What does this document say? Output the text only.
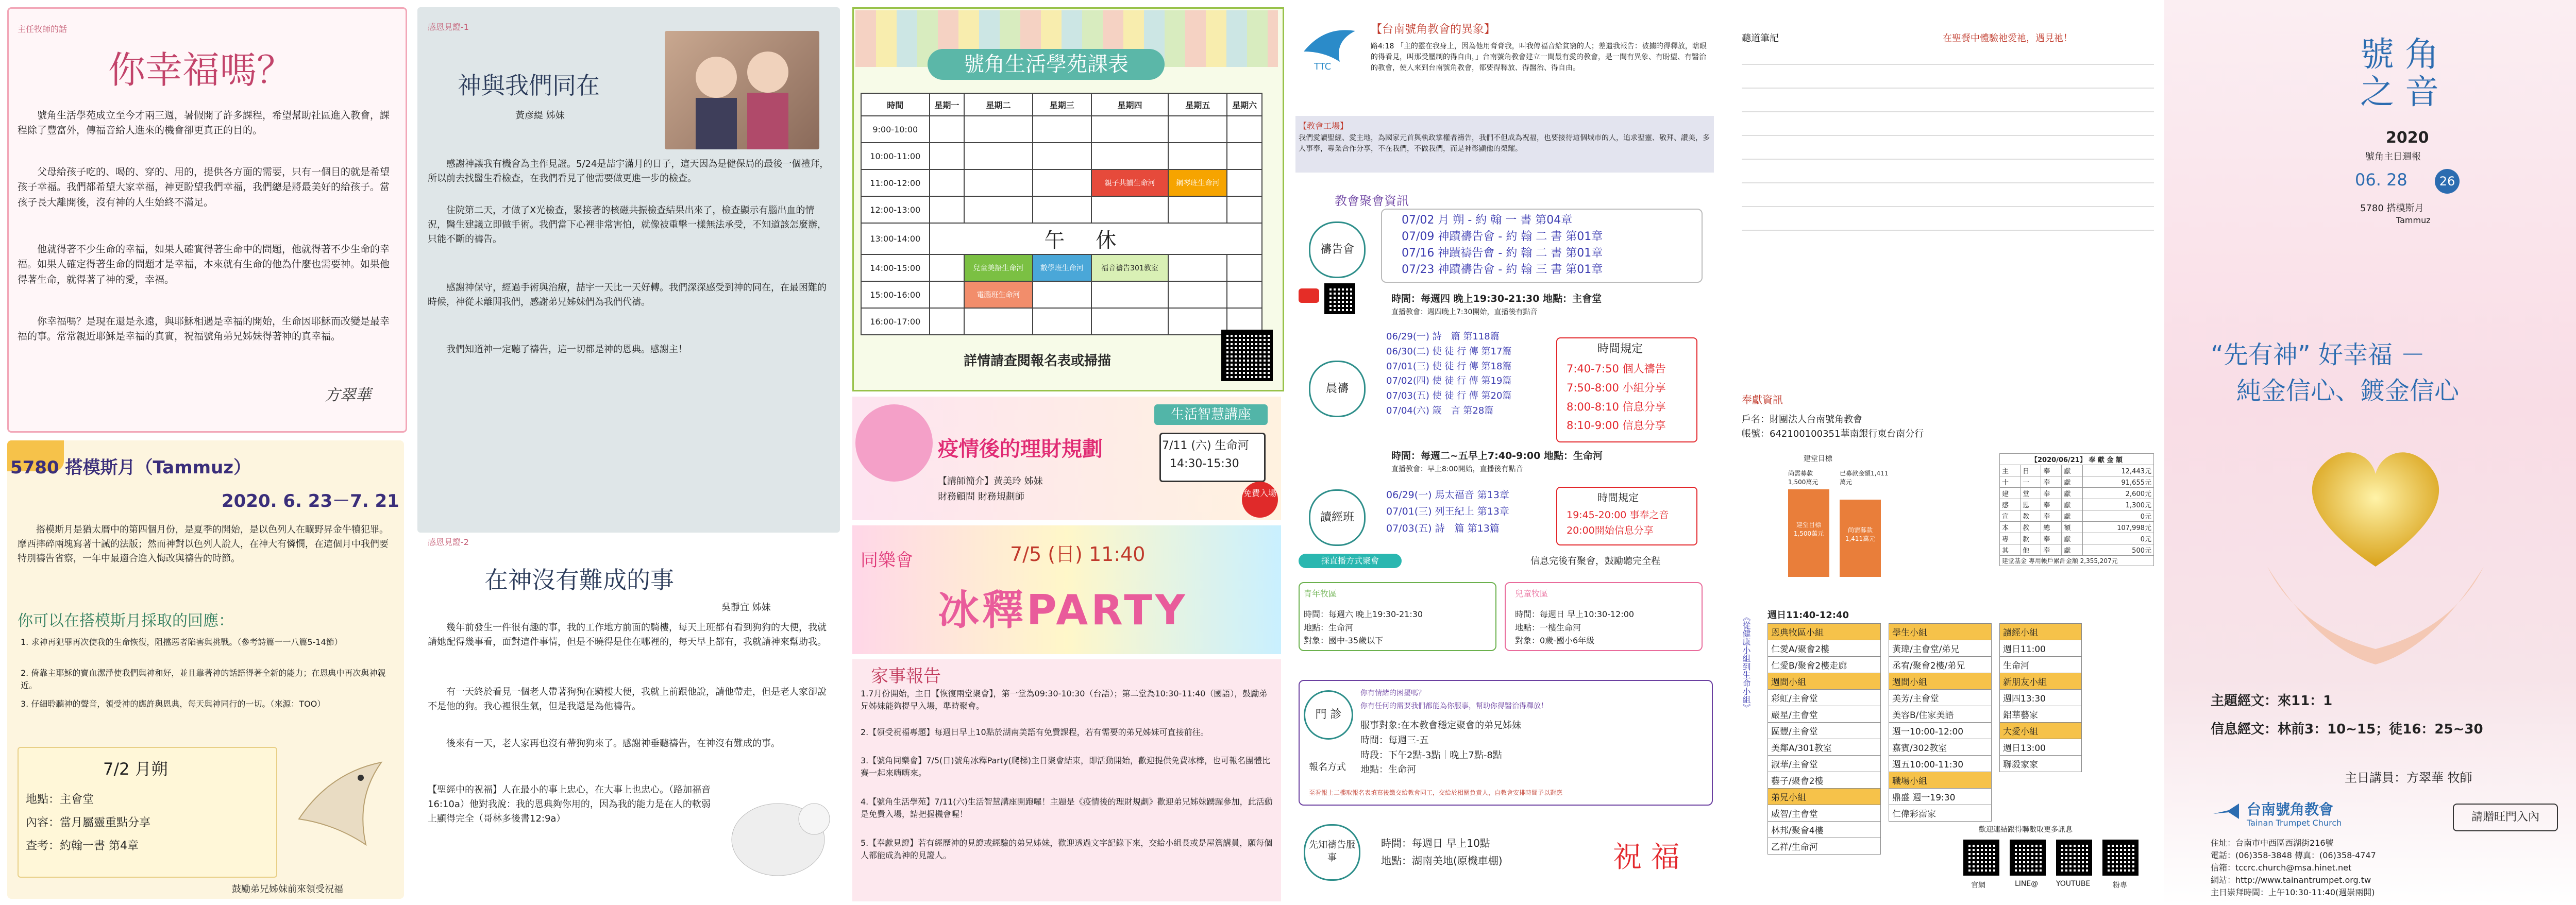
主任牧師的話
你幸福嗎？
號角生活學苑成立至今才兩三週，暑假開了許多課程，希望幫助社區進入教會，課程除了豐富外，傳福音給人進來的機會卻更真正的目的。
父母給孩子吃的、喝的、穿的、用的，提供各方面的需要，只有一個目的就是希望孩子幸福。我們都希望大家幸福，神更盼望我們幸福，我們總是將最美好的給孩子。當孩子長大離開後，沒有神的人生始終不滿足。
他就得著不少生命的幸福，如果人確實得著生命中的問題，他就得著不少生命的幸福。如果人確定得著生命的問題才是幸福，本來就有生命的他為什麼也需要神。如果他得著生命，就得著了神的愛，幸福。
你幸福嗎？是現在還是永遠，與耶穌相遇是幸福的開始，生命因耶穌而改變是最幸福的事。常常親近耶穌是幸福的真實，祝福號角弟兄姊妹得著神的真幸福。
方翠華
5780 搭模斯月（Tammuz）
2020. 6. 23－7. 21
搭模斯月是猶太曆中的第四個月份，是夏季的開始，是以色列人在曠野昇金牛犢犯罪。摩西摔碎兩塊寫著十誡的法版；然而神對以色列人說人，在神大有憐憫，在這個月中我們要特別禱告省察，一年中最適合進入悔改與禱告的時節。
你可以在搭模斯月採取的回應：
1. 求神再犯罪再次使我的生命恢復，阻擋惡者陷害與挑戰。（參考詩篇一一八篇5-14節）
2. 倚靠主耶穌的寶血潔淨使我們與神和好，並且靠著神的話語得著全新的能力；在恩典中再次與神親近。
3. 仔細聆聽神的聲音，領受神的應許與恩典，每天與神同行的一切。（來源：TOO）
7/2 月朔
地點：主會堂
內容：當月屬靈重點分享
查考：約翰一書 第4章
鼓勵弟兄姊妹前來領受祝福
感恩見證-1
神與我們同在
黃彦緹 姊妹
感謝神讓我有機會為主作見證。5/24是喆宇滿月的日子，這天因為是健保局的最後一個禮拜，所以前去找醫生看檢查，在我們看見了他需要做更進一步的檢查。
住院第二天，才做了X光檢查，緊接著的核磁共振檢查結果出來了，檢查顯示有腦出血的情況，醫生建議立即做手術。我們當下心裡非常害怕，就像被重擊一樣無法承受，不知道該怎麼辦，只能不斷的禱告。
感謝神保守，經過手術與治療，喆宇一天比一天好轉。我們深深感受到神的同在，在最困難的時候，神從未離開我們，感謝弟兄姊妹們為我們代禱。
我們知道神一定聽了禱告，這一切都是神的恩典。感謝主！
感恩見證-2
在神沒有難成的事
吳靜宜 姊妹
幾年前發生一件很有趣的事，我的工作地方前面的騎樓，每天上班都有看到狗狗的大便，我就請她配得幾事看，面對這件事情，但是不曉得是住在哪裡的，每天早上都有，我就請神來幫助我。
有一天終於看見一個老人帶著狗狗在騎樓大便，我就上前跟他說，請他帶走，但是老人家卻說不是他的狗。我心裡很生氣，但是我還是為他禱告。
後來有一天，老人家再也沒有帶狗狗來了。感謝神垂聽禱告，在神沒有難成的事。
【聖經中的祝福】人在最小的事上忠心，在大事上也忠心。（路加福音16:10a）他對我說：我的恩典夠你用的，因為我的能力是在人的軟弱上顯得完全（哥林多後書12:9a）
號角生活學苑課表
時間	星期一	星期二	星期三	星期四	星期五	星期六
9:00-10:00						
10:00-11:00						
11:00-12:00				親子共讀生命河	鋼琴班生命河	
12:00-13:00						
13:00-14:00	午休					
14:00-15:00		兒童美語生命河	數學班生命河	福音禱告301教室		
15:00-16:00		電腦班生命河				
16:00-17:00						
詳情請查閱報名表或掃描
生活智慧講座
疫情後的理財規劃	7/11 (六) 生命河
14:30-15:30
【講師簡介】黃美玲 姊妹
財務顧問 財務規劃師	免費入場
同樂會	7/5 (日) 11:40
冰釋PARTY
家事報告
1.7月份開始，主日【恢復兩堂聚會】，第一堂為09:30-10:30（台語）；第二堂為10:30-11:40（國語），鼓勵弟兄姊妹能夠提早入場，準時聚會。
2.【領受祝福專題】每週日早上10點於湖南美語有免費課程，若有需要的弟兄姊妹可直接前往。
3.【號角同樂會】7/5(日)號角冰釋Party(爬梯)主日聚會結束，即活動開始，歡迎提供免費冰棒，也可報名團體比賽一起來嗨嗨來。
4.【號角生活學苑】7/11(六)生活智慧講座開跑囉！主題是《疫情後的理財規劃》歡迎弟兄姊妹踴躍參加，此活動是免費入場，請把握機會喔！
5.【奉獻見證】若有經歷神的見證或經驗的弟兄姊妹，歡迎透過文字記錄下來，交給小組長或是屋簷講員，願每個人都能成為神的見證人。
TTC
【台南號角教會的異象】
路4:18 「主的靈在我身上，因為他用膏膏我，叫我傳福音給貧窮的人；差遣我報告：被擄的得釋放，瞎眼的得看見，叫那受壓制的得自由，」台南號角教會建立一間最有愛的教會，是一間有異象、有盼望、有醫治的教會，使人來到台南號角教會，都要得釋放、得醫治、得自由。
【教會工場】
我們愛讀聖經、愛主地，為國家元首與執政掌權者禱告，我們不但成為祝福，也要接待這個城市的人，追求聖靈、敬拜、讚美，多人事奉，專業合作分享，不在我們，不做我們，而是神彰顯他的榮耀。
教會聚會資訊
禱告會
07/02 月 朔 - 約 翰 一 書 第04章
07/09 神蹟禱告會 - 約 翰 二 書 第01章
07/16 神蹟禱告會 - 約 翰 二 書 第01章
07/23 神蹟禱告會 - 約 翰 三 書 第01章
時間：每週四 晚上19:30-21:30 地點：主會堂
直播教會：週四晚上7:30開始，直播後有點音
晨禱
06/29(一) 詩　篇 第118篇
06/30(二) 使 徒 行 傳 第17篇
07/01(三) 使 徒 行 傳 第18篇
07/02(四) 使 徒 行 傳 第19篇
07/03(五) 使 徒 行 傳 第20篇
07/04(六) 箴　言 第28篇
時間規定
7:40-7:50 個人禱告
7:50-8:00 小組分享
8:00-8:10 信息分享
8:10-9:00 信息分享
時間：每週二~五早上7:40-9:00 地點：生命河
直播教會：早上8:00開始，直播後有點音
讀經班
06/29(一) 馬太福音 第13章
07/01(三) 列王紀上 第13章
07/03(五) 詩　篇 第13篇
時間規定
19:45-20:00 事奉之音
20:00開始信息分享
採直播方式聚會	信息完後有聚會，鼓勵聽完全程
青年牧區
時間：每週六 晚上19:30-21:30
地點：生命河
對象：國中-35歲以下
兒童牧區
時間：每週日 早上10:30-12:00
地點：一樓生命河
對象：0歲-國小6年級
門 診
你有情緒的困擾嗎？
你有任何的需要我們都能為你服事，幫助你得醫治得釋放！
服事對象:在本教會穩定聚會的弟兄姊妹
時間：每週三-五
時段：下午2點-3點｜晚上7點-8點
地點：生命河
報名方式
至看報上二樓取報名表填寫後繳交給教會同工，交給於相關負責人，自教會安排時間予以對應
先知禱告服事
時間：每週日 早上10點
地點：湖南美地(原機車棚)	祝 福
聽道筆記	在聖餐中體驗祂愛祂，遇見祂！
奉獻資訊
戶名：財團法人台南號角教會
帳號：642100100351華南銀行東台南分行
建堂目標
尚需募款1,500萬元
已募款金額1,411萬元
建堂目標 1,500萬元	尚需募款 1,411萬元
【2020/06/21】 奉 獻 金 額				
主	日	奉	獻	12,443元
十	一	奉	獻	91,655元
建	堂	奉	獻	2,600元
感	恩	奉	獻	1,300元
宣	教	奉	獻	0元
本	教	總	額	107,998元
專	款	奉	獻	0元
其	他	奉	獻	500元
建堂基金 專用帳戶累計金額 2,355,207元				
《從健康小組到生命小組》 週日11:40-12:40
恩典牧區小組
仁愛A/聚會2樓
仁愛B/聚會2樓走廊
週間小組
彩虹/主會堂
嚴星/主會堂
區豐/主會堂
美鄰A/301教室
淑華/主會堂
藝子/聚會2樓
弟兄小組
威智/主會堂
林邦/聚會4樓
乙祥/生命河
學生小組
黃瑋/主會堂/弟兄
丞宥/聚會2樓/弟兄
週間小組
美芳/主會堂
美容B/住家美語
週一10:00-12:00
嘉賓/302教室
週五10:00-11:30
職場小組
鼎盛 週一19:30
仁偉彩霈家
讀經小組
週日11:00
生命河
新朋友小組
週四13:30
鋁華藝家
大愛小組
週日13:00
聯殺家家
歡迎連結跟得聯數取更多訊息
官網	LINE@ YOUTUBE	粉專
號 角
之 音
2020
號角主日週報
06. 28	26
5780 搭模斯月
Tammuz
“先有神” 好幸福 －
純金信心、鍍金信心
主題經文：來11：1
信息經文：林前3：10~15；徒16：25~30
主日講員：方翠華 牧師
台南號角教會
Tainan Trumpet Church	請贈旺門入內
住址：台南市中西區西湖街216號
電話：(06)358-3848 傳真：(06)358-4747
信箱：tccrc.church@msa.hinet.net
網站：http://www.tainantrumpet.org.tw
主日崇拜時間：上午10:30-11:40(週崇兩開)
